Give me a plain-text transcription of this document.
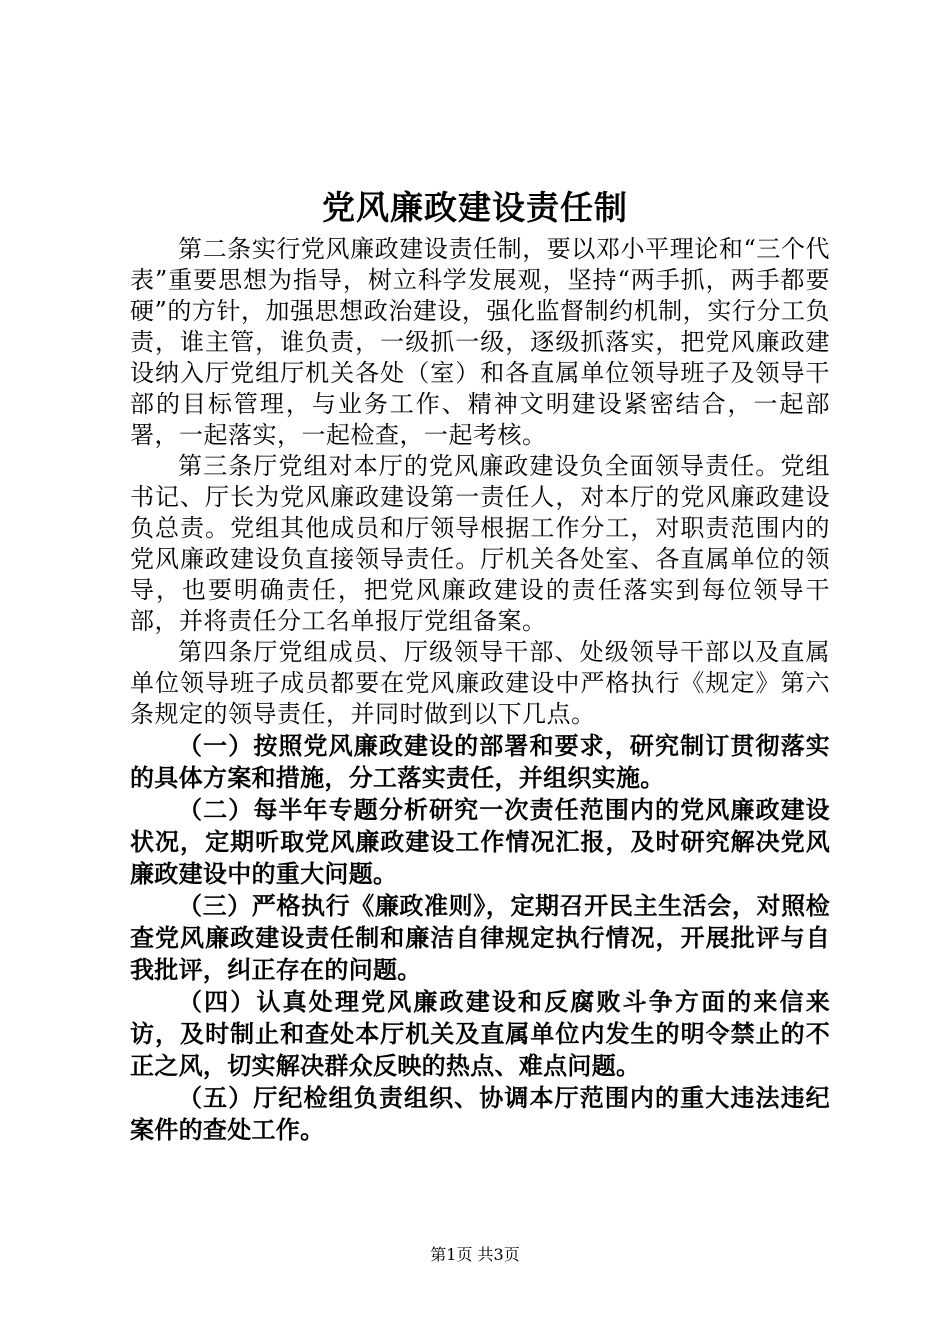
党风廉政建设责任制

第二条实行党风廉政建设责任制，要以邓小平理论和“三个代表”重要思想为指导，树立科学发展观，坚持“两手抓，两手都要硬”的方针，加强思想政治建设，强化监督制约机制，实行分工负责，谁主管，谁负责，一级抓一级，逐级抓落实，把党风廉政建设纳入厅党组厅机关各处（室）和各直属单位领导班子及领导干部的目标管理，与业务工作、精神文明建设紧密结合，一起部署，一起落实，一起检查，一起考核。

第三条厅党组对本厅的党风廉政建设负全面领导责任。党组书记、厅长为党风廉政建设第一责任人，对本厅的党风廉政建设负总责。党组其他成员和厅领导根据工作分工，对职责范围内的党风廉政建设负直接领导责任。厅机关各处室、各直属单位的领导，也要明确责任，把党风廉政建设的责任落实到每位领导干部，并将责任分工名单报厅党组备案。

第四条厅党组成员、厅级领导干部、处级领导干部以及直属单位领导班子成员都要在党风廉政建设中严格执行《规定》第六条规定的领导责任，并同时做到以下几点。

（一）按照党风廉政建设的部署和要求，研究制订贯彻落实的具体方案和措施，分工落实责任，并组织实施。

（二）每半年专题分析研究一次责任范围内的党风廉政建设状况，定期听取党风廉政建设工作情况汇报，及时研究解决党风廉政建设中的重大问题。

（三）严格执行《廉政准则》，定期召开民主生活会，对照检查党风廉政建设责任制和廉洁自律规定执行情况，开展批评与自我批评，纠正存在的问题。

（四）认真处理党风廉政建设和反腐败斗争方面的来信来访，及时制止和查处本厅机关及直属单位内发生的明令禁止的不正之风，切实解决群众反映的热点、难点问题。

（五）厅纪检组负责组织、协调本厅范围内的重大违法违纪案件的查处工作。

第1页 共3页
